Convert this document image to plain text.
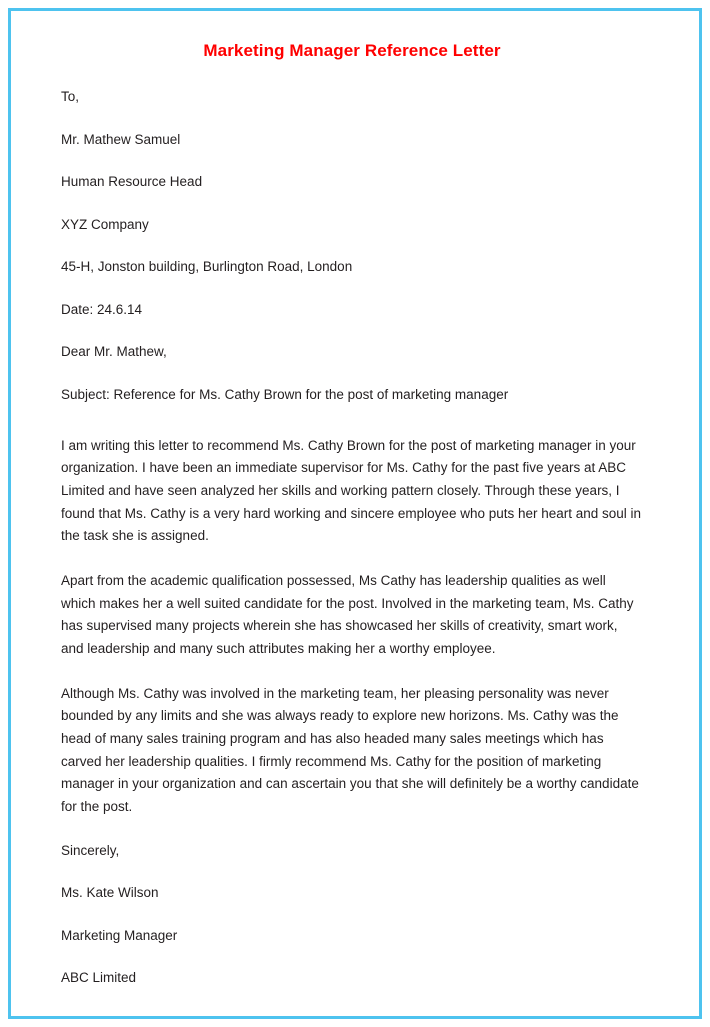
Marketing Manager Reference Letter

To,

Mr. Mathew Samuel

Human Resource Head

XYZ Company

45-H, Jonston building, Burlington Road, London

Date: 24.6.14

Dear Mr. Mathew,

Subject: Reference for Ms. Cathy Brown for the post of marketing manager

I am writing this letter to recommend Ms. Cathy Brown for the post of marketing manager in your organization. I have been an immediate supervisor for Ms. Cathy for the past five years at ABC Limited and have seen analyzed her skills and working pattern closely. Through these years, I found that Ms. Cathy is a very hard working and sincere employee who puts her heart and soul in the task she is assigned.

Apart from the academic qualification possessed, Ms Cathy has leadership qualities as well which makes her a well suited candidate for the post. Involved in the marketing team, Ms. Cathy has supervised many projects wherein she has showcased her skills of creativity, smart work, and leadership and many such attributes making her a worthy employee.

Although Ms. Cathy was involved in the marketing team, her pleasing personality was never bounded by any limits and she was always ready to explore new horizons. Ms. Cathy was the head of many sales training program and has also headed many sales meetings which has carved her leadership qualities. I firmly recommend Ms. Cathy for the position of marketing manager in your organization and can ascertain you that she will definitely be a worthy candidate for the post.

Sincerely,

Ms. Kate Wilson

Marketing Manager

ABC Limited
